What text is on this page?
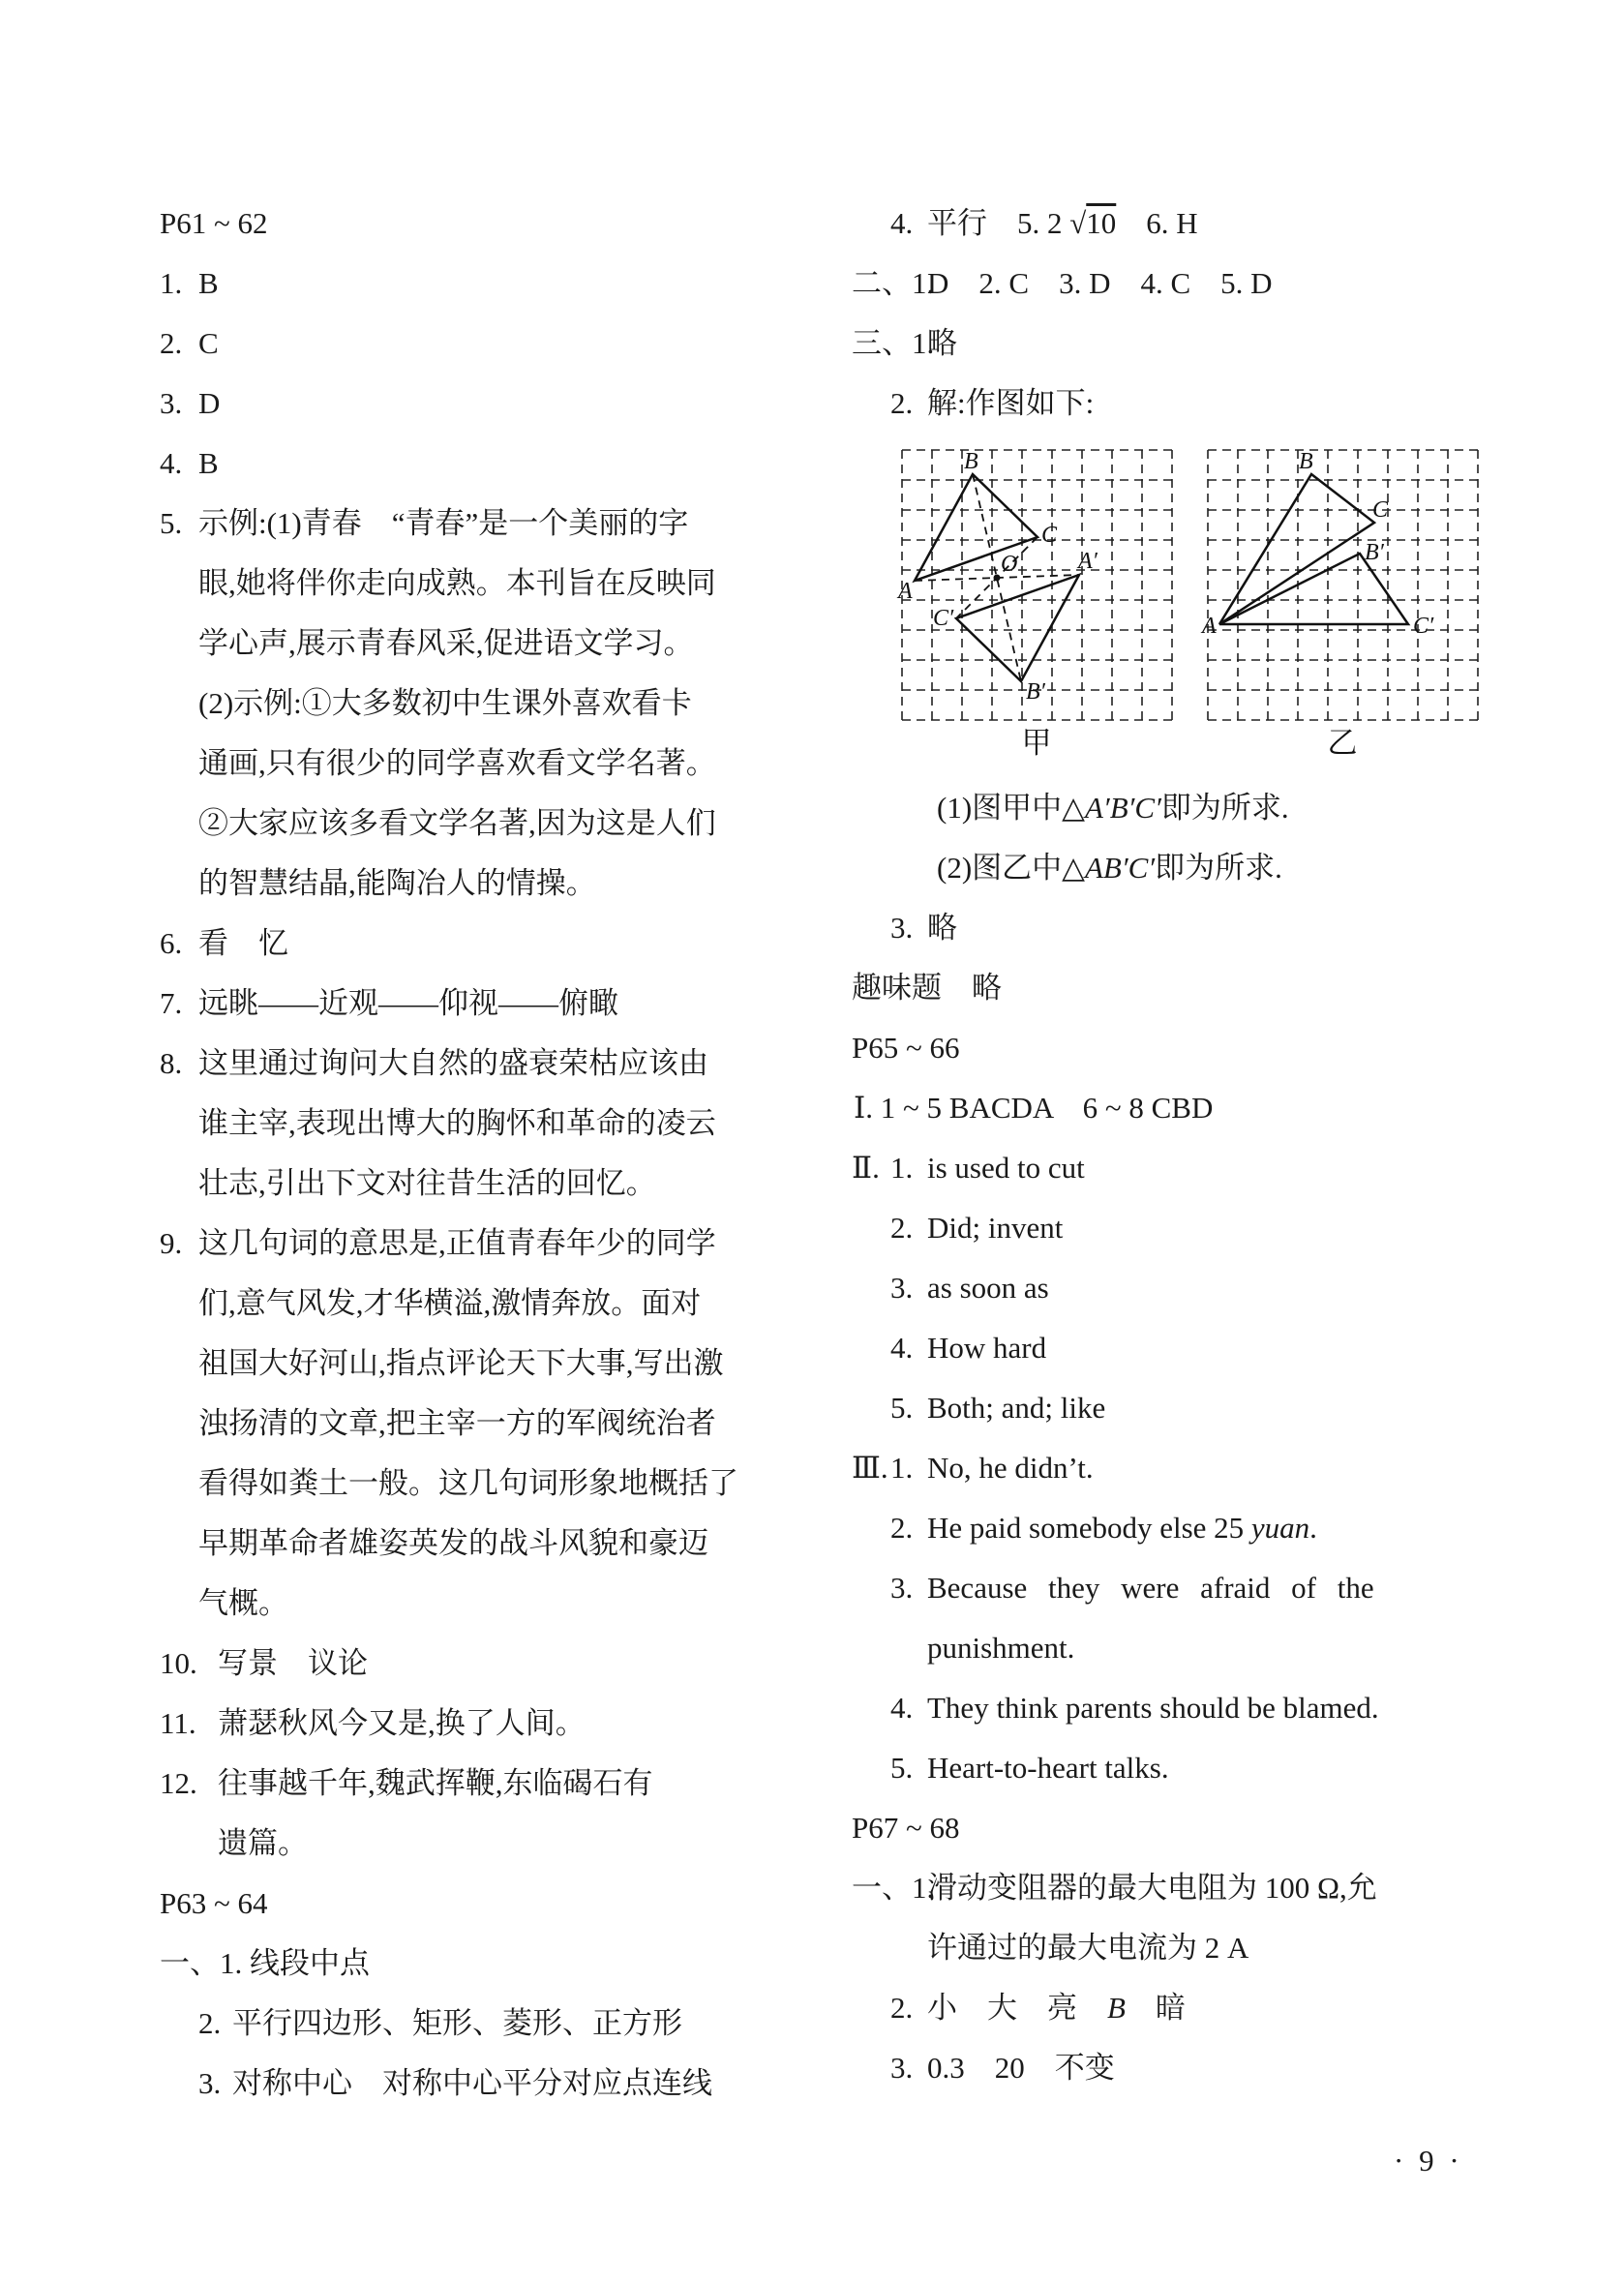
P61 ~ 62
1. B
2. C
3. D
4. B
5. 示例:(1)青春　“青春”是一个美丽的字
眼,她将伴你走向成熟。本刊旨在反映同
学心声,展示青春风采,促进语文学习。
(2)示例:①大多数初中生课外喜欢看卡
通画,只有很少的同学喜欢看文学名著。
②大家应该多看文学名著,因为这是人们
的智慧结晶,能陶冶人的情操。
6. 看　忆
7. 远眺——近观——仰视——俯瞰
8. 这里通过询问大自然的盛衰荣枯应该由
谁主宰,表现出博大的胸怀和革命的凌云
壮志,引出下文对往昔生活的回忆。
9. 这几句词的意思是,正值青春年少的同学
们,意气风发,才华横溢,激情奔放。面对
祖国大好河山,指点评论天下大事,写出激
浊扬清的文章,把主宰一方的军阀统治者
看得如粪土一般。这几句词形象地概括了
早期革命者雄姿英发的战斗风貌和豪迈
气概。
10. 写景　议论
11. 萧瑟秋风今又是,换了人间。
12. 往事越千年,魏武挥鞭,东临碣石有
遗篇。
P63 ~ 64
一、1. 线段中点
2. 平行四边形、矩形、菱形、正方形
3. 对称中心　对称中心平分对应点连线
4. 平行　5. 2 √10　6. H
二、1.
D　2. C　3. D　4. C　5. D
三、1.
略
2. 解:作图如下:
B
C
A′
A
O
C′
B′
甲
B
C
B′
A	C′
乙
(1)图甲中△A′B′C′即为所求.
(2)图乙中△AB′C′即为所求.
3. 略
趣味题　略
P65 ~ 66
Ⅰ. 1 ~ 5 BACDA　6 ~ 8 CBD
Ⅱ. 1. is used to cut
2. Did; invent
3. as soon as
4. How hard
5. Both; and; like
Ⅲ. 1. No, he didn’t.
2. He paid somebody else 25 yuan.
3. Because they were afraid of the
punishment.
4. They think parents should be blamed.
5. Heart-to-heart talks.
P67 ~ 68
一、1.
滑动变阻器的最大电阻为 100 Ω,允
许通过的最大电流为 2 A
2. 小　大　亮　B　暗
3. 0.3　20　不变
· 9 ·
